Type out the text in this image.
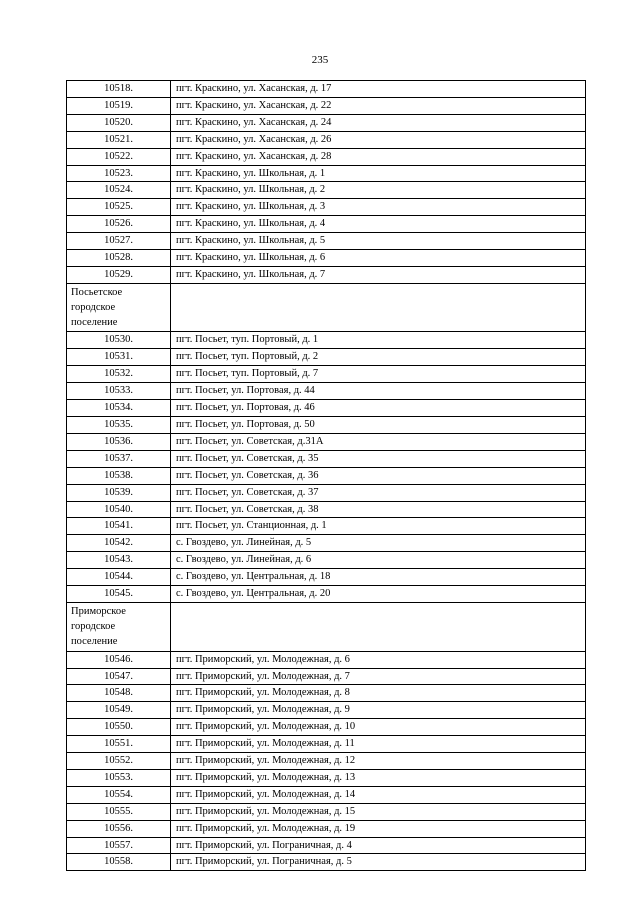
235
10518.	пгт. Краскино, ул. Хасанская, д. 17
10519.	пгт. Краскино, ул. Хасанская, д. 22
10520.	пгт. Краскино, ул. Хасанская, д. 24
10521.	пгт. Краскино, ул. Хасанская, д. 26
10522.	пгт. Краскино, ул. Хасанская, д. 28
10523.	пгт. Краскино, ул. Школьная, д. 1
10524.	пгт. Краскино, ул. Школьная, д. 2
10525.	пгт. Краскино, ул. Школьная, д. 3
10526.	пгт. Краскино, ул. Школьная, д. 4
10527.	пгт. Краскино, ул. Школьная, д. 5
10528.	пгт. Краскино, ул. Школьная, д. 6
10529.	пгт. Краскино, ул. Школьная, д. 7

Посьетское
городское
поселение	

10530.	пгт. Посьет, туп. Портовый, д. 1
10531.	пгт. Посьет, туп. Портовый, д. 2
10532.	пгт. Посьет, туп. Портовый, д. 7
10533.	пгт. Посьет, ул. Портовая, д. 44
10534.	пгт. Посьет, ул. Портовая, д. 46
10535.	пгт. Посьет, ул. Портовая, д. 50
10536.	пгт. Посьет, ул. Советская, д.31А
10537.	пгт. Посьет, ул. Советская, д. 35
10538.	пгт. Посьет, ул. Советская, д. 36
10539.	пгт. Посьет, ул. Советская, д. 37
10540.	пгт. Посьет, ул. Советская, д. 38
10541.	пгт. Посьет, ул. Станционная, д. 1
10542.	с. Гвоздево, ул. Линейная, д. 5
10543.	с. Гвоздево, ул. Линейная, д. 6
10544.	с. Гвоздево, ул. Центральная, д. 18
10545.	с. Гвоздево, ул. Центральная, д. 20

Приморское
городское
поселение	

10546.	пгт. Приморский, ул. Молодежная, д. 6
10547.	пгт. Приморский, ул. Молодежная, д. 7
10548.	пгт. Приморский, ул. Молодежная, д. 8
10549.	пгт. Приморский, ул. Молодежная, д. 9
10550.	пгт. Приморский, ул. Молодежная, д. 10
10551.	пгт. Приморский, ул. Молодежная, д. 11
10552.	пгт. Приморский, ул. Молодежная, д. 12
10553.	пгт. Приморский, ул. Молодежная, д. 13
10554.	пгт. Приморский, ул. Молодежная, д. 14
10555.	пгт. Приморский, ул. Молодежная, д. 15
10556.	пгт. Приморский, ул. Молодежная, д. 19
10557.	пгт. Приморский, ул. Пограничная, д. 4
10558.	пгт. Приморский, ул. Пограничная, д. 5
